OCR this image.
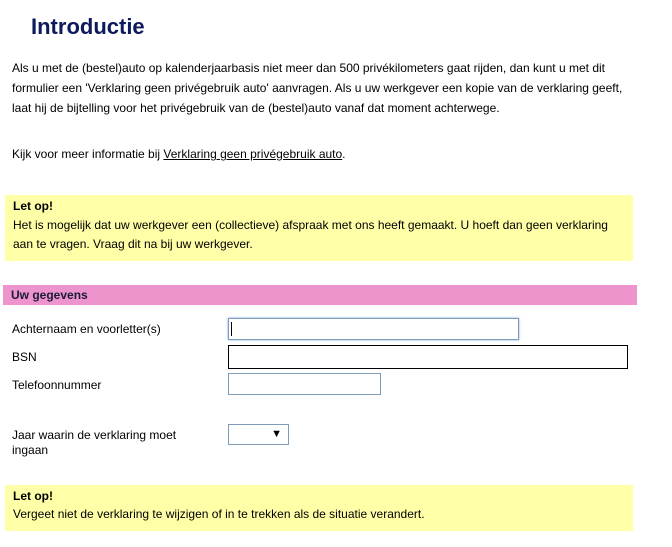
Introductie

Als u met de (bestel)auto op kalenderjaarbasis niet meer dan 500 privékilometers gaat rijden, dan kunt u met dit formulier een 'Verklaring geen privégebruik auto' aanvragen. Als u uw werkgever een kopie van de verklaring geeft, laat hij de bijtelling voor het privégebruik van de (bestel)auto vanaf dat moment achterwege.

Kijk voor meer informatie bij Verklaring geen privégebruik auto.

Let op!
Het is mogelijk dat uw werkgever een (collectieve) afspraak met ons heeft gemaakt. U hoeft dan geen verklaring aan te vragen. Vraag dit na bij uw werkgever.
Uw gegevens
Achternaam en voorletter(s)
BSN
Telefoonnummer
Jaar waarin de verklaring moet ingaan
▼
Let op!
Vergeet niet de verklaring te wijzigen of in te trekken als de situatie verandert.
